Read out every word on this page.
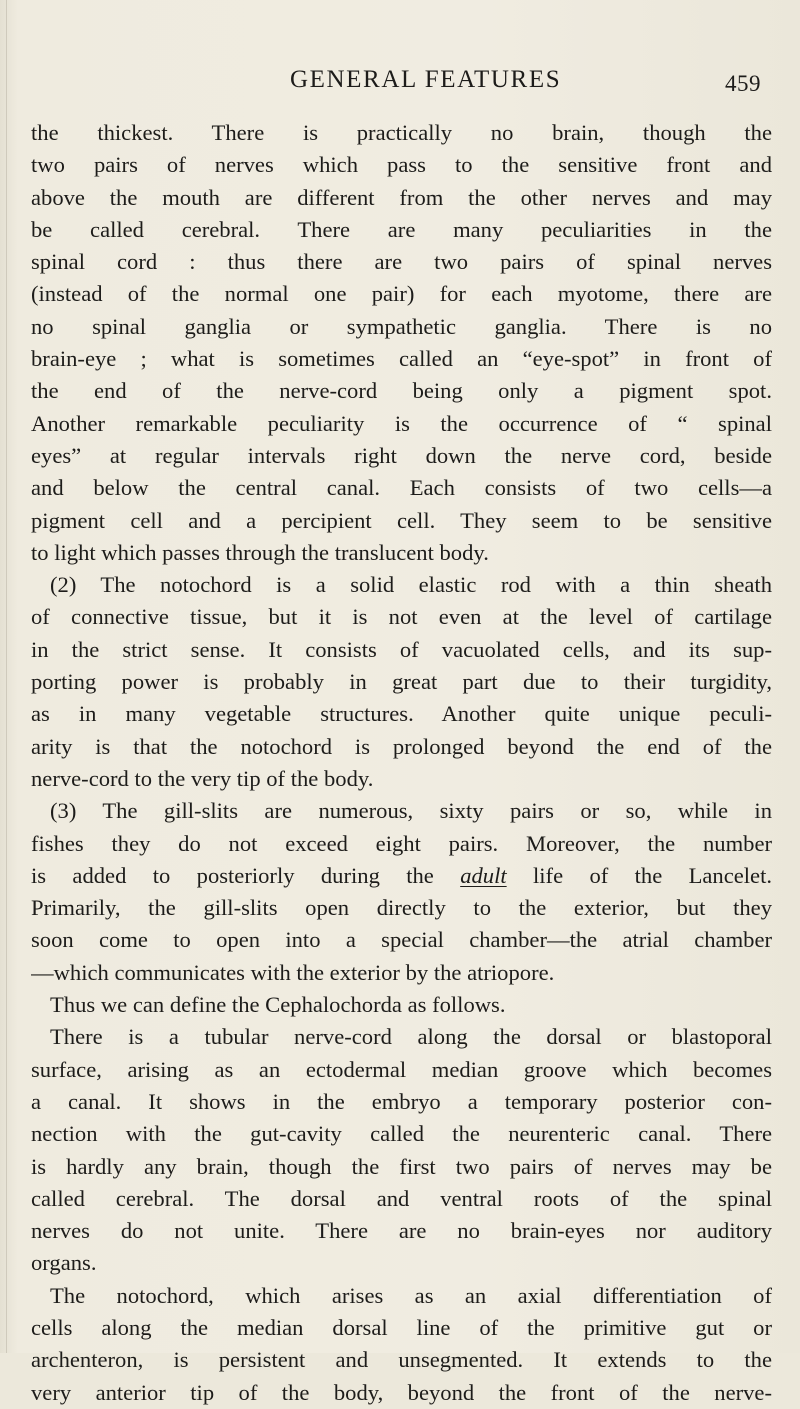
GENERAL FEATURES	459
the thickest. There is practically no brain, though the
two pairs of nerves which pass to the sensitive front and
above the mouth are different from the other nerves and may
be called cerebral. There are many peculiarities in the
spinal cord : thus there are two pairs of spinal nerves
(instead of the normal one pair) for each myotome, there are
no spinal ganglia or sympathetic ganglia. There is no
brain-eye ; what is sometimes called an “eye-spot” in front of
the end of the nerve-cord being only a pigment spot.
Another remarkable peculiarity is the occurrence of “ spinal
eyes” at regular intervals right down the nerve cord, beside
and below the central canal. Each consists of two cells—a
pigment cell and a percipient cell. They seem to be sensitive
to light which passes through the translucent body.
(2) The notochord is a solid elastic rod with a thin sheath
of connective tissue, but it is not even at the level of cartilage
in the strict sense. It consists of vacuolated cells, and its sup-
porting power is probably in great part due to their turgidity,
as in many vegetable structures. Another quite unique peculi-
arity is that the notochord is prolonged beyond the end of the
nerve-cord to the very tip of the body.
(3) The gill-slits are numerous, sixty pairs or so, while in
fishes they do not exceed eight pairs. Moreover, the number
is added to posteriorly during the adult life of the Lancelet.
Primarily, the gill-slits open directly to the exterior, but they
soon come to open into a special chamber—the atrial chamber
—which communicates with the exterior by the atriopore.
Thus we can define the Cephalochorda as follows.
There is a tubular nerve-cord along the dorsal or blastoporal
surface, arising as an ectodermal median groove which becomes
a canal. It shows in the embryo a temporary posterior con-
nection with the gut-cavity called the neurenteric canal. There
is hardly any brain, though the first two pairs of nerves may be
called cerebral. The dorsal and ventral roots of the spinal
nerves do not unite. There are no brain-eyes nor auditory
organs.
The notochord, which arises as an axial differentiation of
cells along the median dorsal line of the primitive gut or
archenteron, is persistent and unsegmented. It extends to the
very anterior tip of the body, beyond the front of the nerve-
